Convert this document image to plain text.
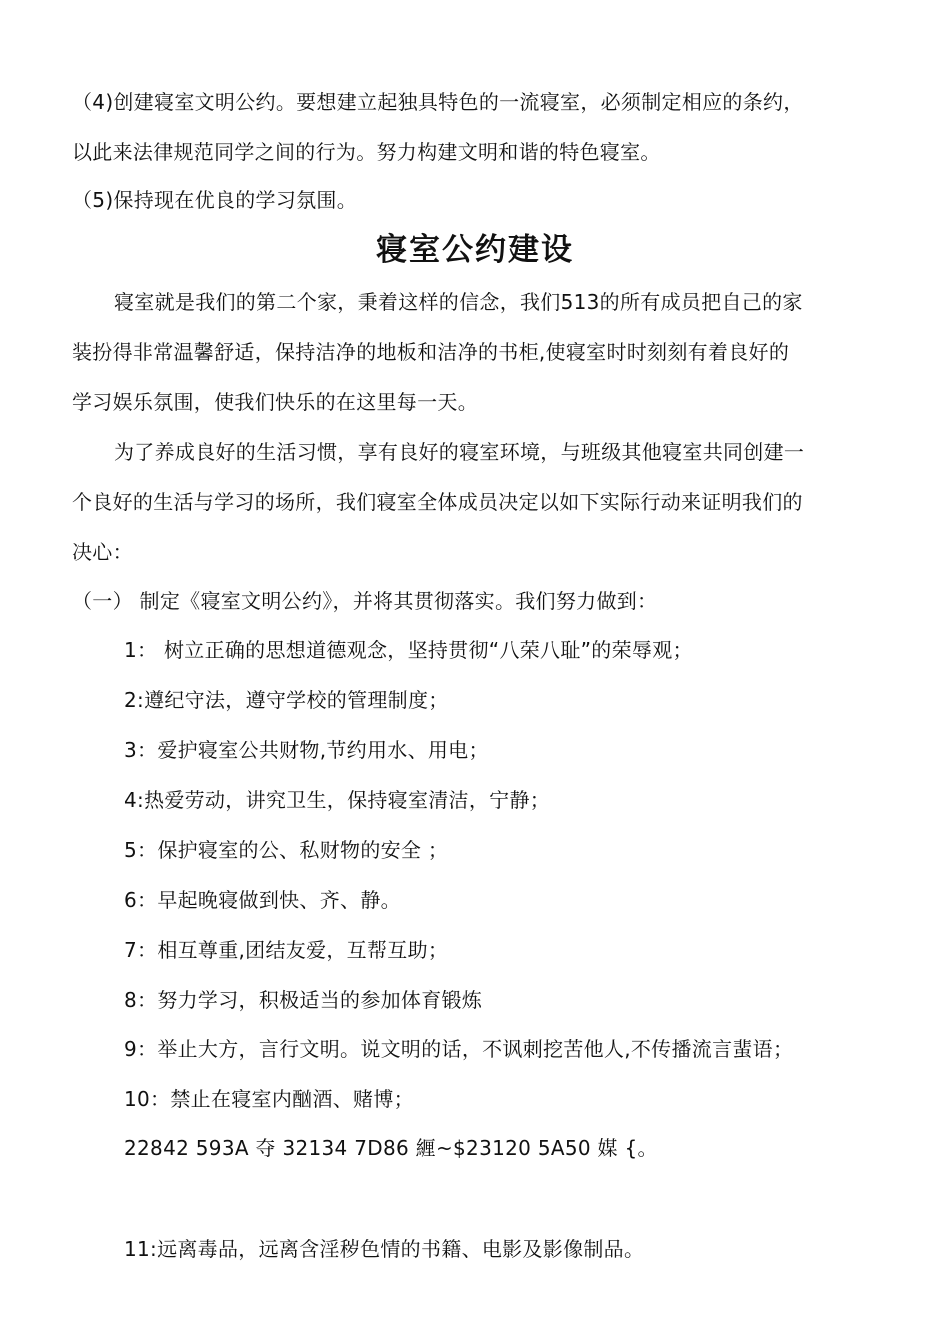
（4)创建寝室文明公约。要想建立起独具特色的一流寝室，必须制定相应的条约，
以此来法律规范同学之间的行为。努力构建文明和谐的特色寝室。
（5)保持现在优良的学习氛围。
寝室公约建设
寝室就是我们的第二个家，秉着这样的信念，我们513的所有成员把自己的家
装扮得非常温馨舒适，保持洁净的地板和洁净的书柜,使寝室时时刻刻有着良好的
学习娱乐氛围，使我们快乐的在这里每一天。
为了养成良好的生活习惯，享有良好的寝室环境，与班级其他寝室共同创建一
个良好的生活与学习的场所，我们寝室全体成员决定以如下实际行动来证明我们的
决心：
（一） 制定《寝室文明公约》，并将其贯彻落实。我们努力做到：
1： 树立正确的思想道德观念，坚持贯彻“八荣八耻”的荣辱观；
2:遵纪守法，遵守学校的管理制度；
3：爱护寝室公共财物,节约用水、用电；
4:热爱劳动，讲究卫生，保持寝室清洁，宁静；
5：保护寝室的公、私财物的安全 ；
6：早起晚寝做到快、齐、静。
7：相互尊重,团结友爱，互帮互助；
8：努力学习，积极适当的参加体育锻炼
9：举止大方，言行文明。说文明的话，不讽刺挖苦他人,不传播流言蜚语；
10：禁止在寝室内酗酒、赌博；
22842 593A 夺 32134 7D86 緾~$23120 5A50 媒 {。
11:远离毒品，远离含淫秽色情的书籍、电影及影像制品。
